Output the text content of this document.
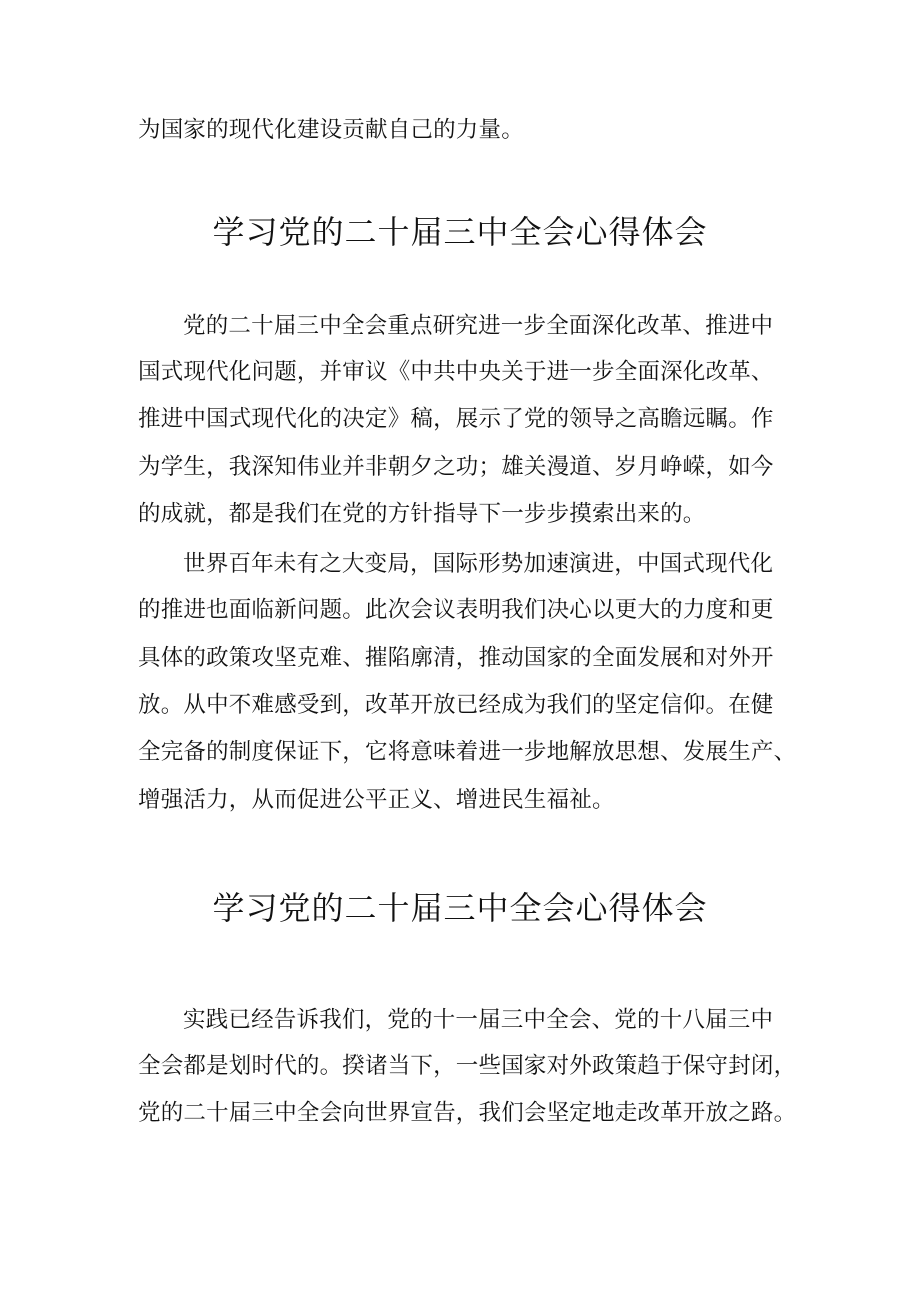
为国家的现代化建设贡献自己的力量。
学习党的二十届三中全会心得体会
党的二十届三中全会重点研究进一步全面深化改革、推进中
国式现代化问题，并审议《中共中央关于进一步全面深化改革、
推进中国式现代化的决定》稿，展示了党的领导之高瞻远瞩。作
为学生，我深知伟业并非朝夕之功；雄关漫道、岁月峥嵘，如今
的成就，都是我们在党的方针指导下一步步摸索出来的。
世界百年未有之大变局，国际形势加速演进，中国式现代化
的推进也面临新问题。此次会议表明我们决心以更大的力度和更
具体的政策攻坚克难、摧陷廓清，推动国家的全面发展和对外开
放。从中不难感受到，改革开放已经成为我们的坚定信仰。在健
全完备的制度保证下，它将意味着进一步地解放思想、发展生产、
增强活力，从而促进公平正义、增进民生福祉。
学习党的二十届三中全会心得体会
实践已经告诉我们，党的十一届三中全会、党的十八届三中
全会都是划时代的。揆诸当下，一些国家对外政策趋于保守封闭，
党的二十届三中全会向世界宣告，我们会坚定地走改革开放之路。
